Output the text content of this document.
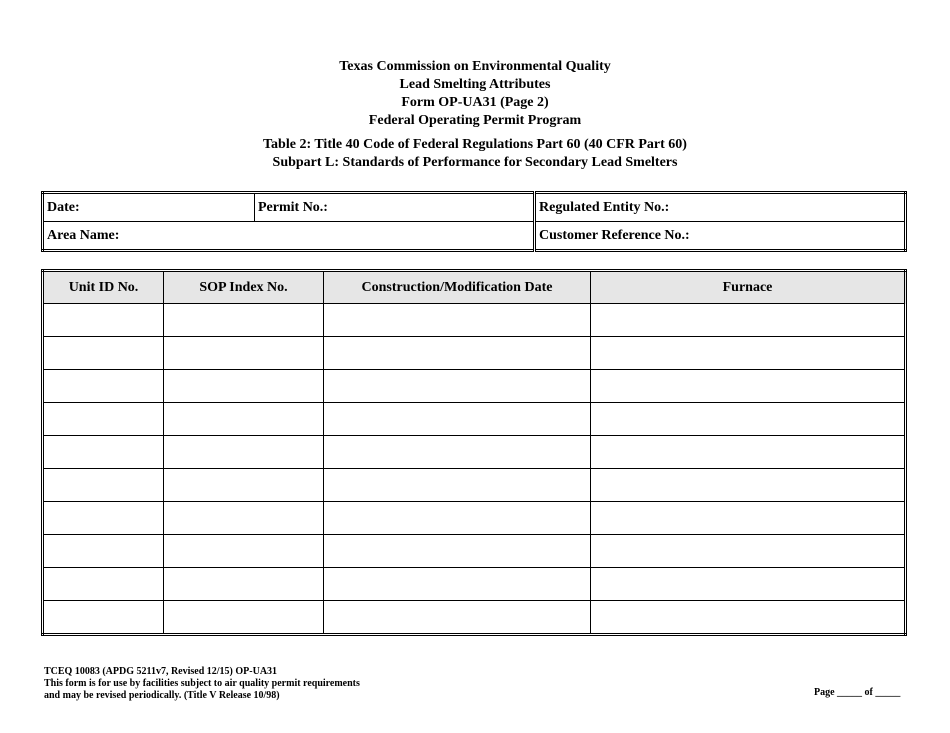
Texas Commission on Environmental Quality
Lead Smelting Attributes
Form OP-UA31 (Page 2)
Federal Operating Permit Program
Table 2: Title 40 Code of Federal Regulations Part 60 (40 CFR Part 60)
Subpart L: Standards of Performance for Secondary Lead Smelters
Date:	Permit No.:	Regulated Entity No.:
Area Name:		Customer Reference No.:
Unit ID No.	SOP Index No.	Construction/Modification Date	Furnace

TCEQ 10083 (APDG 5211v7, Revised 12/15) OP-UA31
This form is for use by facilities subject to air quality permit requirements
and may be revised periodically. (Title V Release 10/98)	Page _____ of _____
